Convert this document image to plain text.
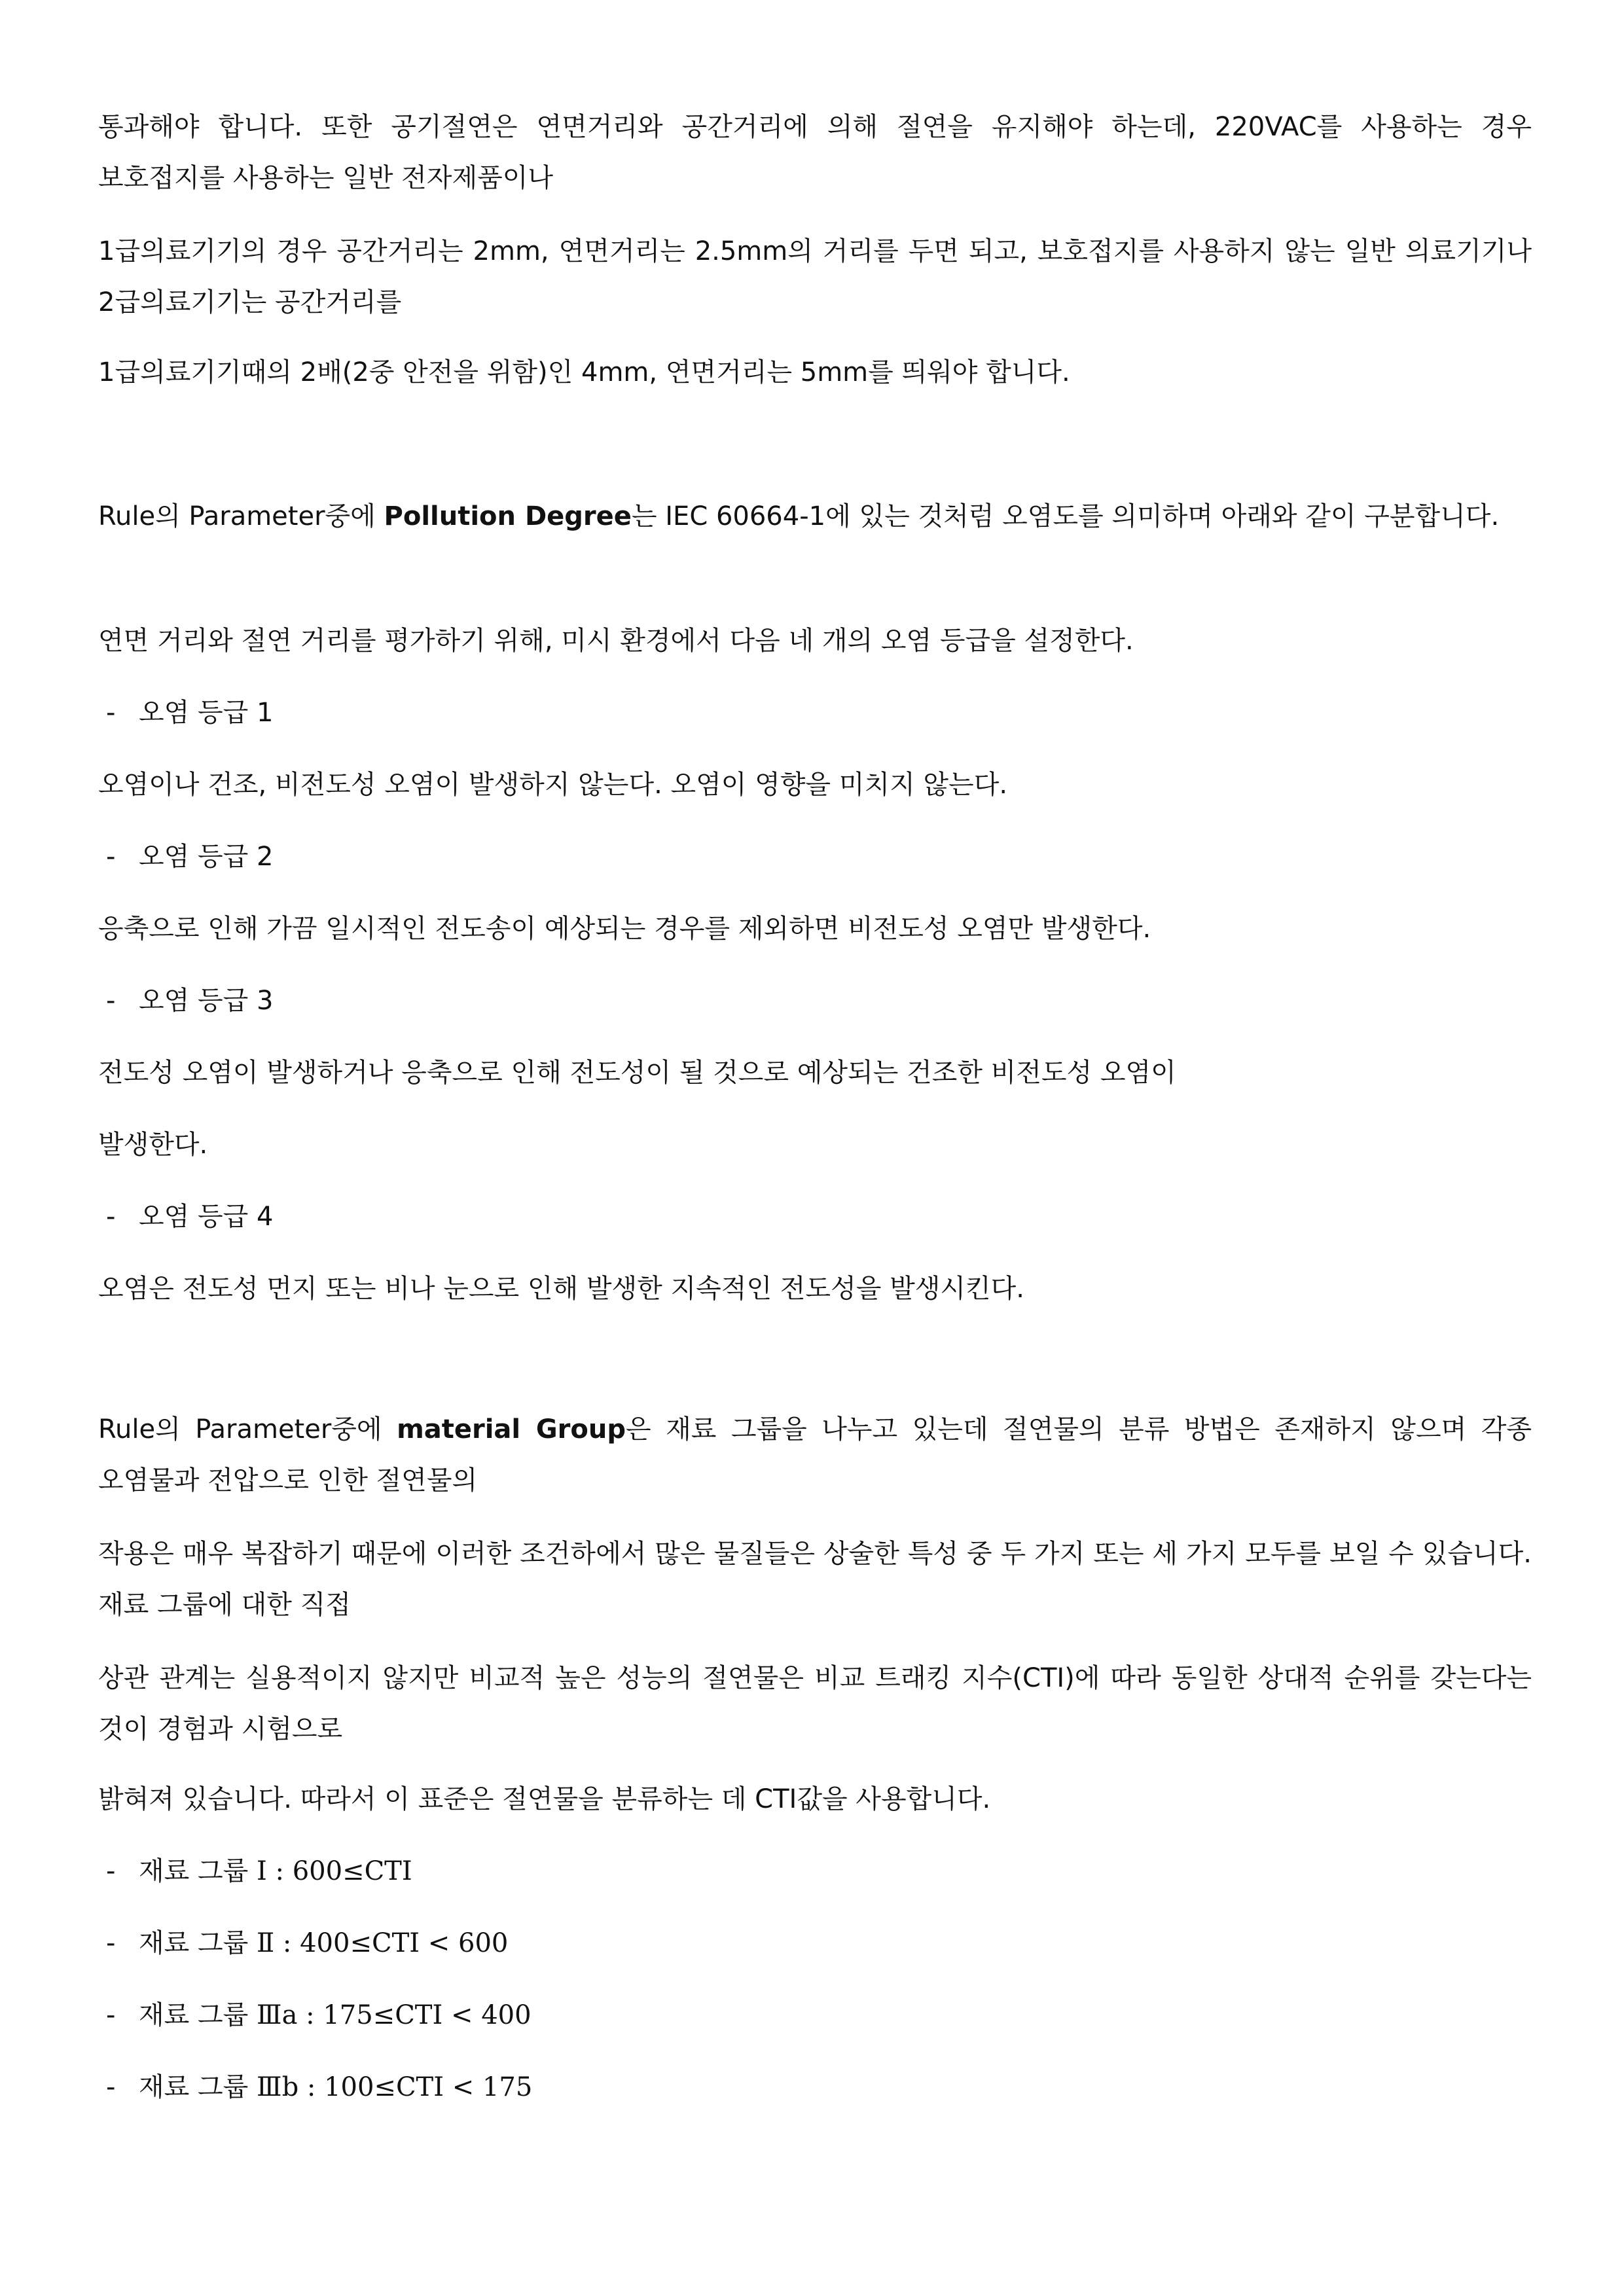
통과해야 합니다. 또한 공기절연은 연면거리와 공간거리에 의해 절연을 유지해야 하는데, 220VAC를 사용하는 경우 보호접지를 사용하는 일반 전자제품이나

1급의료기기의 경우 공간거리는 2mm, 연면거리는 2.5mm의 거리를 두면 되고, 보호접지를 사용하지 않는 일반 의료기기나 2급의료기기는 공간거리를

1급의료기기때의 2배(2중 안전을 위함)인 4mm, 연면거리는 5mm를 띄워야 합니다.

Rule의 Parameter중에 Pollution Degree는 IEC 60664-1에 있는 것처럼 오염도를 의미하며 아래와 같이 구분합니다.

연면 거리와 절연 거리를 평가하기 위해, 미시 환경에서 다음 네 개의 오염 등급을 설정한다.

- 오염 등급 1

오염이나 건조, 비전도성 오염이 발생하지 않는다. 오염이 영향을 미치지 않는다.

- 오염 등급 2

응축으로 인해 가끔 일시적인 전도송이 예상되는 경우를 제외하면 비전도성 오염만 발생한다.

- 오염 등급 3

전도성 오염이 발생하거나 응축으로 인해 전도성이 될 것으로 예상되는 건조한 비전도성 오염이

발생한다.

- 오염 등급 4

오염은 전도성 먼지 또는 비나 눈으로 인해 발생한 지속적인 전도성을 발생시킨다.

Rule의 Parameter중에 material Group은 재료 그룹을 나누고 있는데 절연물의 분류 방법은 존재하지 않으며 각종 오염물과 전압으로 인한 절연물의

작용은 매우 복잡하기 때문에 이러한 조건하에서 많은 물질들은 상술한 특성 중 두 가지 또는 세 가지 모두를 보일 수 있습니다. 재료 그룹에 대한 직접

상관 관계는 실용적이지 않지만 비교적 높은 성능의 절연물은 비교 트래킹 지수(CTI)에 따라 동일한 상대적 순위를 갖는다는 것이 경험과 시험으로

밝혀져 있습니다. 따라서 이 표준은 절연물을 분류하는 데 CTI값을 사용합니다.

- 재료 그룹 Ⅰ : 600≤CTI

- 재료 그룹 Ⅱ : 400≤CTI < 600

- 재료 그룹 Ⅲa : 175≤CTI < 400

- 재료 그룹 Ⅲb : 100≤CTI < 175
